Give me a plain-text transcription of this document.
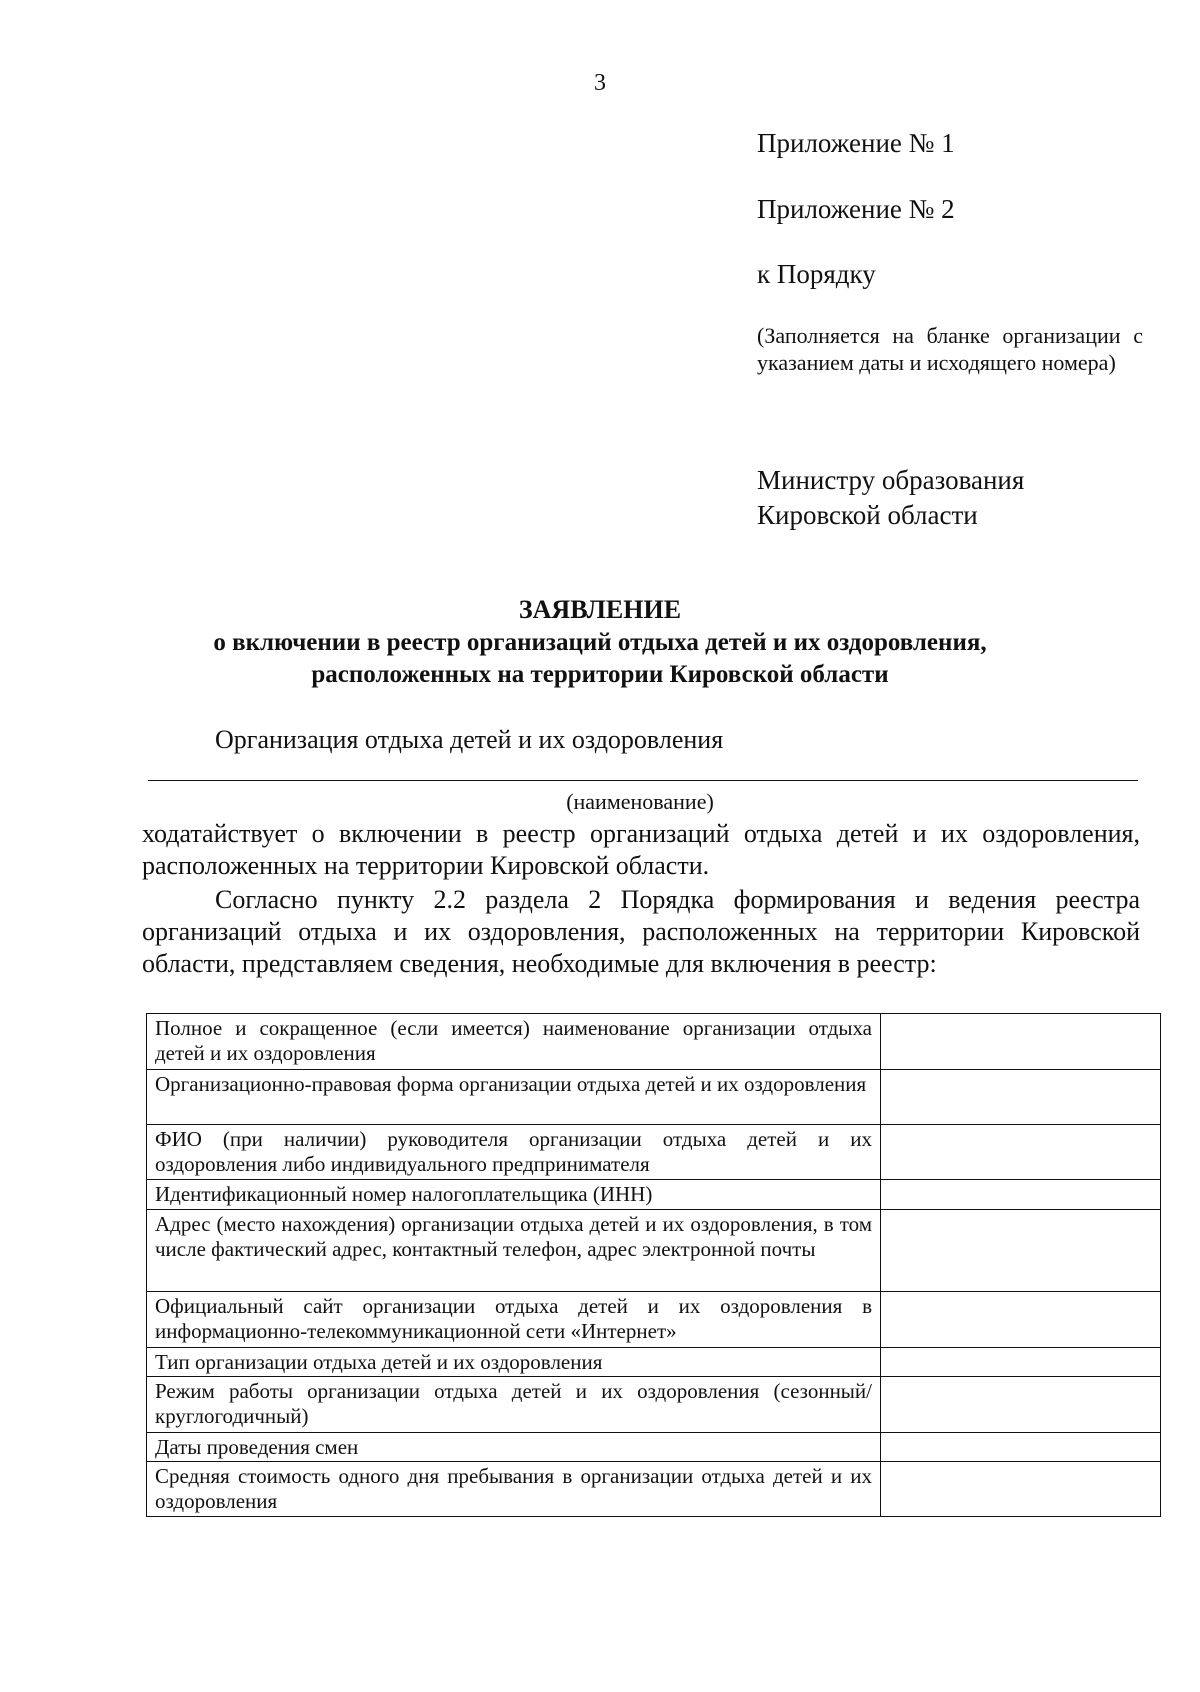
3
Приложение № 1
Приложение № 2
к Порядку
(Заполняется на бланке организации с указанием даты и исходящего номера)
Министру образования
Кировской области
ЗАЯВЛЕНИЕ
о включении в реестр организаций отдыха детей и их оздоровления,
расположенных на территории Кировской области
Организация отдыха детей и их оздоровления
(наименование)
ходатайствует о включении в реестр организаций отдыха детей и их оздоровления, расположенных на территории Кировской области.
Согласно пункту 2.2 раздела 2 Порядка формирования и ведения реестра организаций отдыха и их оздоровления, расположенных на территории Кировской области, представляем сведения, необходимые для включения в реестр:
Полное и сокращенное (если имеется) наименование организации отдыха детей и их оздоровления	
Организационно-правовая форма организации отдыха детей и их оздоровления	
ФИО (при наличии) руководителя организации отдыха детей и их оздоровления либо индивидуального предпринимателя	
Идентификационный номер налогоплательщика (ИНН)	
Адрес (место нахождения) организации отдыха детей и их оздоровления, в том числе фактический адрес, контактный телефон, адрес электронной почты	
Официальный сайт организации отдыха детей и их оздоровления в информационно-телекоммуникационной сети «Интернет»	
Тип организации отдыха детей и их оздоровления	
Режим работы организации отдыха детей и их оздоровления (сезонный/круглогодичный)	
Даты проведения смен	
Средняя стоимость одного дня пребывания в организации отдыха детей и их оздоровления	
